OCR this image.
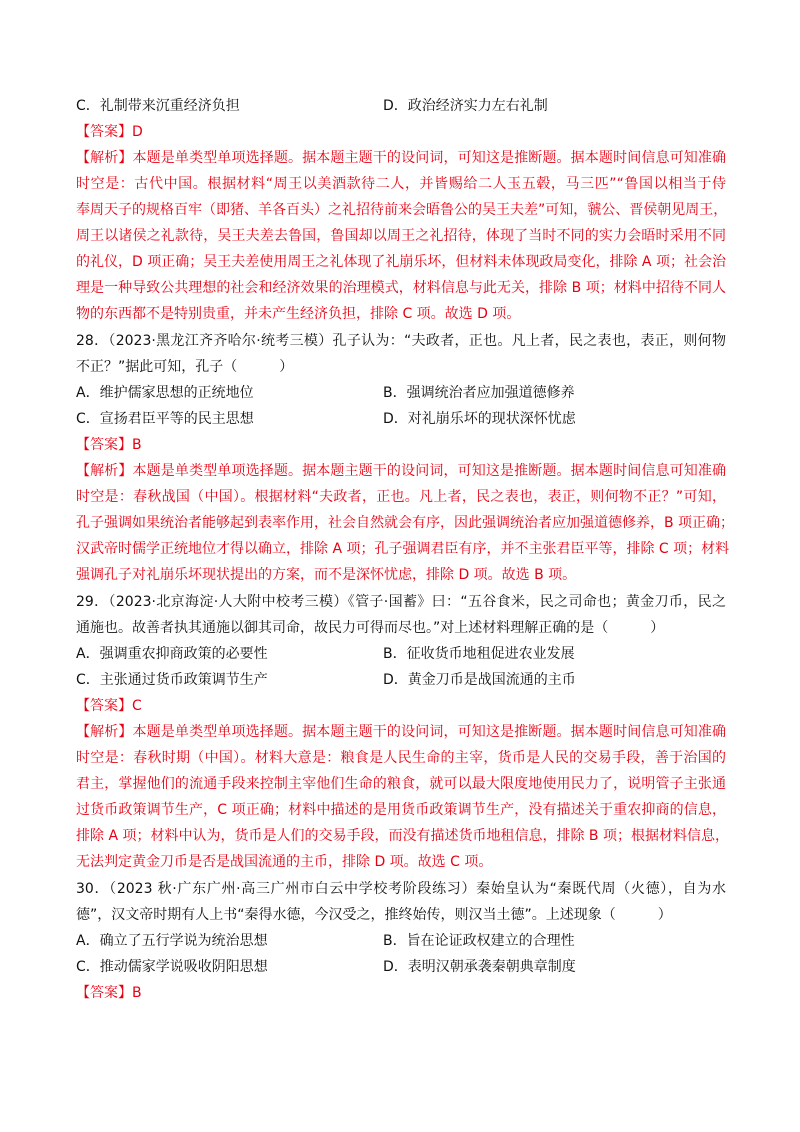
C．礼制带来沉重经济负担	D．政治经济实力左右礼制
【答案】D
【解析】本题是单类型单项选择题。据本题主题干的设问词，可知这是推断题。据本题时间信息可知准确
时空是：古代中国。根据材料“周王以美酒款待二人，并皆赐给二人玉五毂，马三匹”“鲁国以相当于侍
奉周天子的规格百牢（即猪、羊各百头）之礼招待前来会晤鲁公的吴王夫差”可知，虢公、晋侯朝见周王，
周王以诸侯之礼款待，吴王夫差去鲁国，鲁国却以周王之礼招待，体现了当时不同的实力会晤时采用不同
的礼仪，D 项正确；吴王夫差使用周王之礼体现了礼崩乐坏，但材料未体现政局变化，排除 A 项；社会治
理是一种导致公共理想的社会和经济效果的治理模式，材料信息与此无关，排除 B 项；材料中招待不同人
物的东西都不是特别贵重，并未产生经济负担，排除 C 项。故选 D 项。
28．（2023·黑龙江齐齐哈尔·统考三模）孔子认为：“夫政者，正也。凡上者，民之表也，表正，则何物
不正？”据此可知，孔子（　　　）
A．维护儒家思想的正统地位	B．强调统治者应加强道德修养
C．宣扬君臣平等的民主思想	D．对礼崩乐坏的现状深怀忧虑
【答案】B
【解析】本题是单类型单项选择题。据本题主题干的设问词，可知这是推断题。据本题时间信息可知准确
时空是：春秋战国（中国）。根据材料“夫政者，正也。凡上者，民之表也，表正，则何物不正？”可知，
孔子强调如果统治者能够起到表率作用，社会自然就会有序，因此强调统治者应加强道德修养，B 项正确；
汉武帝时儒学正统地位才得以确立，排除 A 项；孔子强调君臣有序，并不主张君臣平等，排除 C 项；材料
强调孔子对礼崩乐坏现状提出的方案，而不是深怀忧虑，排除 D 项。故选 B 项。
29．（2023·北京海淀·人大附中校考三模）《管子·国蓄》曰：“五谷食米，民之司命也；黄金刀币，民之
通施也。故善者执其通施以御其司命，故民力可得而尽也。”对上述材料理解正确的是（　　　）
A．强调重农抑商政策的必要性	B．征收货币地租促进农业发展
C．主张通过货币政策调节生产	D．黄金刀币是战国流通的主币
【答案】C
【解析】本题是单类型单项选择题。据本题主题干的设问词，可知这是推断题。据本题时间信息可知准确
时空是：春秋时期（中国）。材料大意是：粮食是人民生命的主宰，货币是人民的交易手段，善于治国的
君主，掌握他们的流通手段来控制主宰他们生命的粮食，就可以最大限度地使用民力了，说明管子主张通
过货币政策调节生产，C 项正确；材料中描述的是用货币政策调节生产，没有描述关于重农抑商的信息，
排除 A 项；材料中认为，货币是人们的交易手段，而没有描述货币地租信息，排除 B 项；根据材料信息，
无法判定黄金刀币是否是战国流通的主币，排除 D 项。故选 C 项。
30．（2023 秋·广东广州·高三广州市白云中学校考阶段练习）秦始皇认为“秦既代周（火德），自为水
德”，汉文帝时期有人上书“秦得水德，今汉受之，推终始传，则汉当土德”。上述现象（　　　）
A．确立了五行学说为统治思想	B．旨在论证政权建立的合理性
C．推动儒家学说吸收阴阳思想	D．表明汉朝承袭秦朝典章制度
【答案】B
